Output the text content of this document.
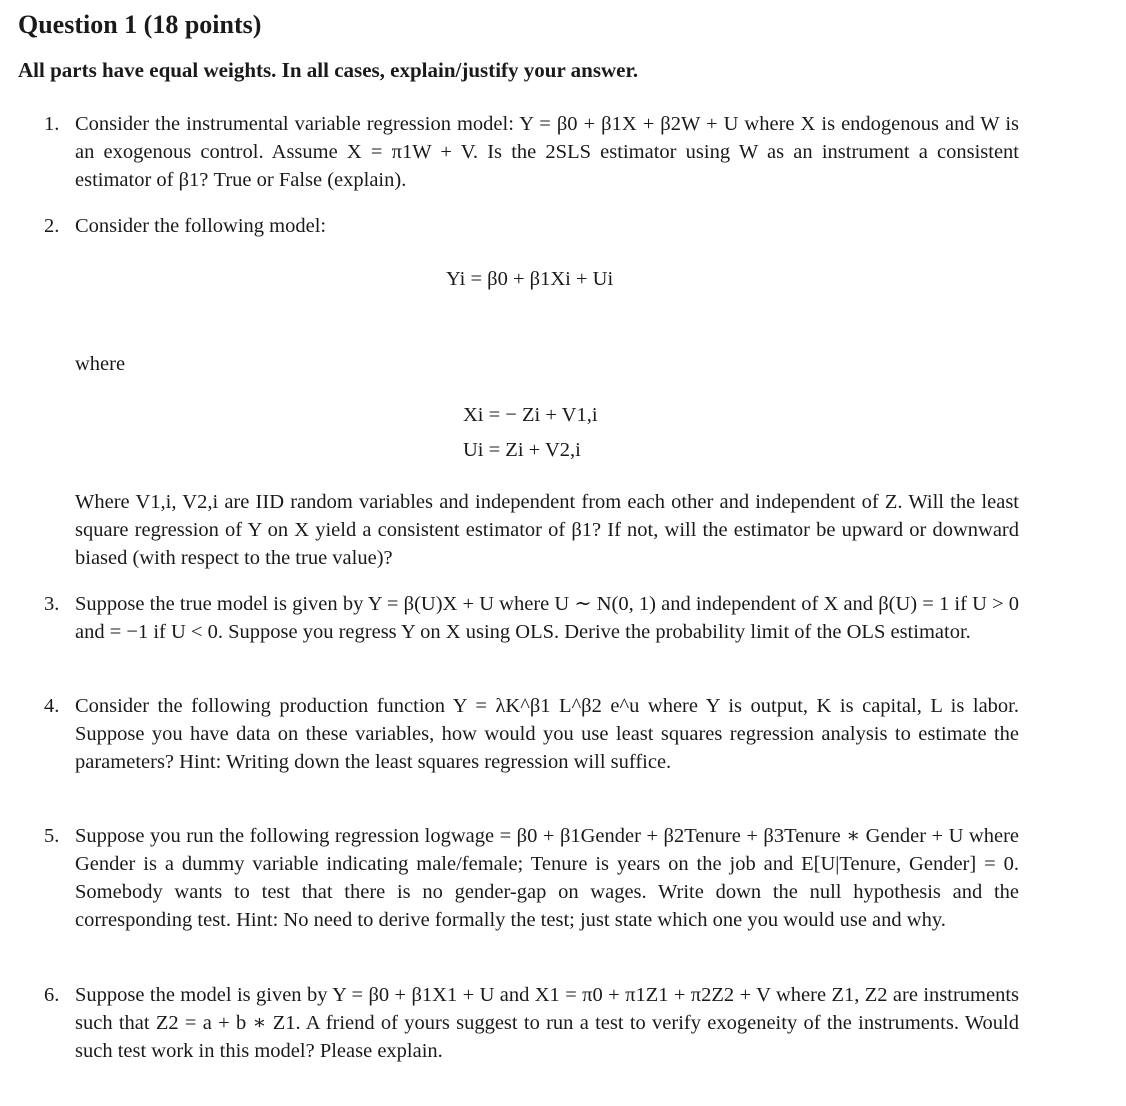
Question 1 (18 points)

All parts have equal weights. In all cases, explain/justify your answer.

1. Consider the instrumental variable regression model: Y = β0 + β1X + β2W + U where X is endogenous and W is an exogenous control. Assume X = π1W + V. Is the 2SLS estimator using W as an instrument a consistent estimator of β1? True or False (explain).
2. Consider the following model:
Yi = β0 + β1Xi + Ui
where
Xi = − Zi + V1,i
Ui = Zi + V2,i
Where V1,i, V2,i are IID random variables and independent from each other and independent of Z. Will the least square regression of Y on X yield a consistent estimator of β1? If not, will the estimator be upward or downward biased (with respect to the true value)?
3. Suppose the true model is given by Y = β(U)X + U where U ∼ N(0, 1) and independent of X and β(U) = 1 if U > 0 and = −1 if U < 0. Suppose you regress Y on X using OLS. Derive the probability limit of the OLS estimator.
4. Consider the following production function Y = λK^β1 L^β2 e^u where Y is output, K is capital, L is labor. Suppose you have data on these variables, how would you use least squares regression analysis to estimate the parameters? Hint: Writing down the least squares regression will suffice.
5. Suppose you run the following regression logwage = β0 + β1Gender + β2Tenure + β3Tenure ∗ Gender + U where Gender is a dummy variable indicating male/female; Tenure is years on the job and E[U|Tenure, Gender] = 0. Somebody wants to test that there is no gender-gap on wages. Write down the null hypothesis and the corresponding test. Hint: No need to derive formally the test; just state which one you would use and why.
6. Suppose the model is given by Y = β0 + β1X1 + U and X1 = π0 + π1Z1 + π2Z2 + V where Z1, Z2 are instruments such that Z2 = a + b ∗ Z1. A friend of yours suggest to run a test to verify exogeneity of the instruments. Would such test work in this model? Please explain.
